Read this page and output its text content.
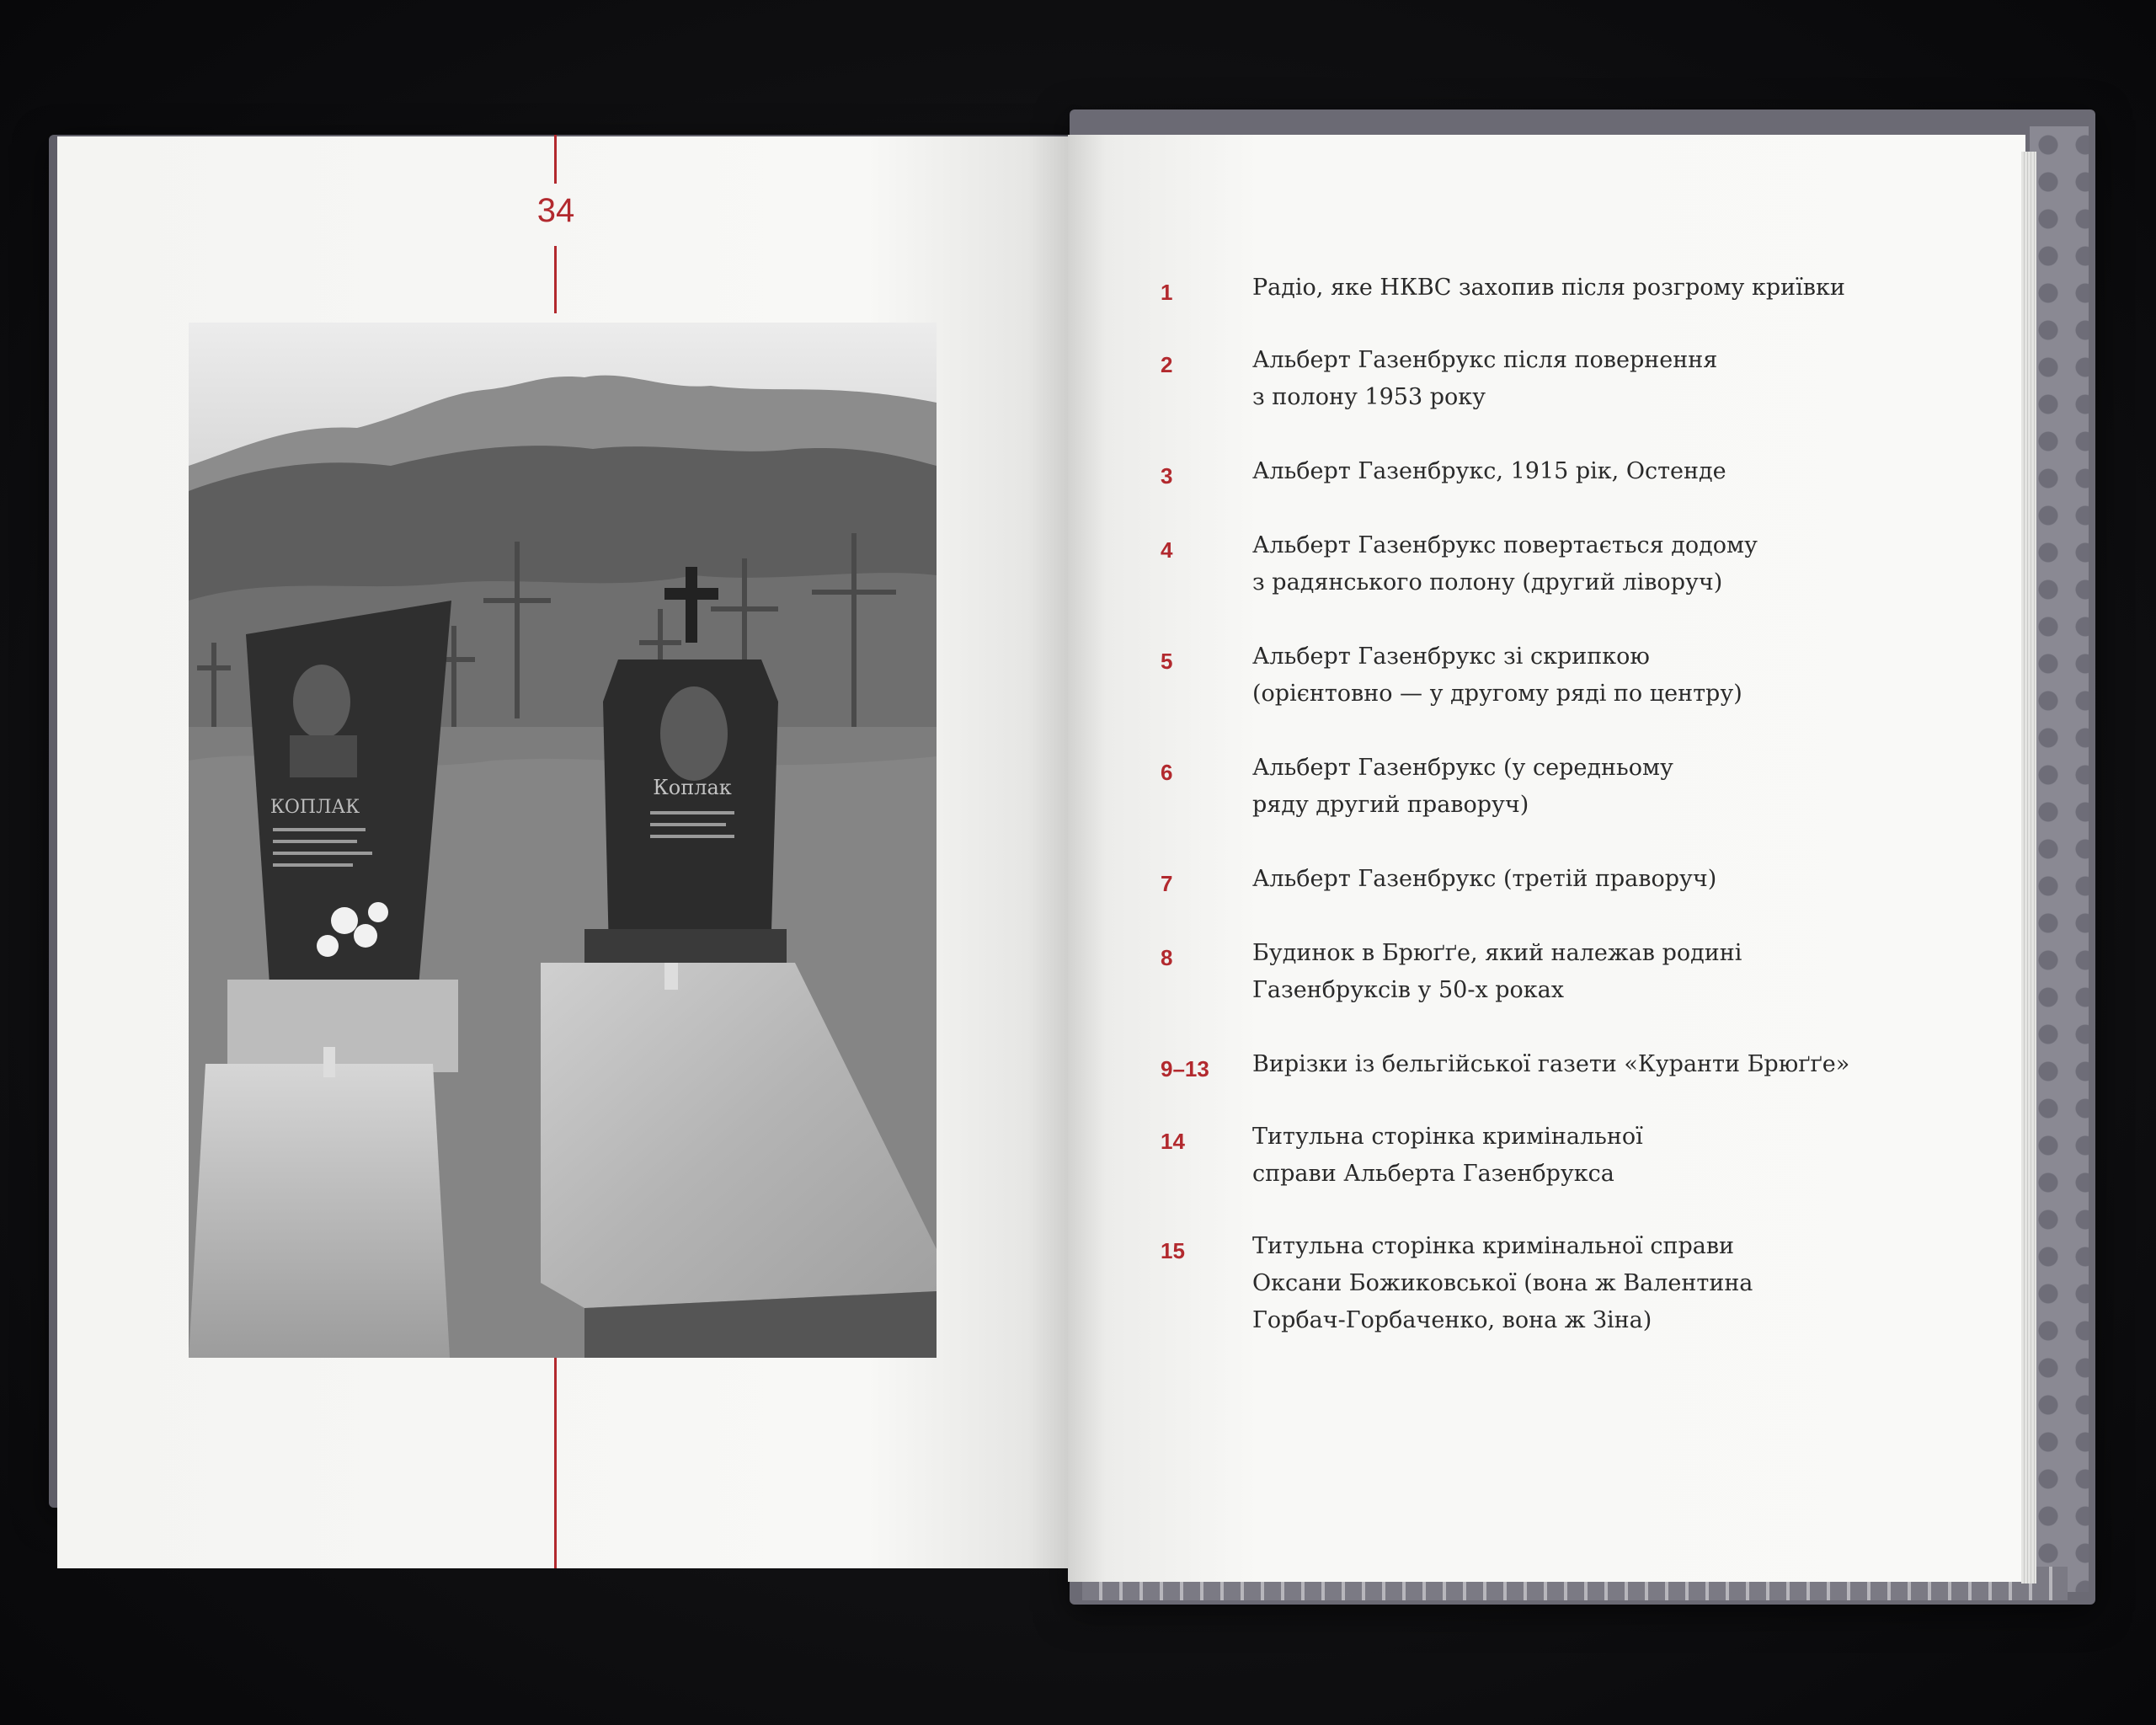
34
КОПЛАК
Коплак
1	Радіо, яке НКВС захопив після розгрому криївки
2	Альберт Газенбрукс після повернення
з полону 1953 року
3	Альберт Газенбрукс, 1915 рік, Остенде
4	Альберт Газенбрукс повертається додому
з радянського полону (другий ліворуч)
5	Альберт Газенбрукс зі скрипкою
(орієнтовно — у другому ряді по центру)
6	Альберт Газенбрукс (у середньому
ряду другий праворуч)
7	Альберт Газенбрукс (третій праворуч)
8	Будинок в Брюґґе, який належав родині
Газенбруксів у 50-х роках
9–13 Вирізки із бельгійської газети «Куранти Брюґґе»
14	Титульна сторінка кримінальної
справи Альберта Газенбрукса
15	Титульна сторінка кримінальної справи
Оксани Божиковської (вона ж Валентина
Горбач-Горбаченко, вона ж Зіна)
